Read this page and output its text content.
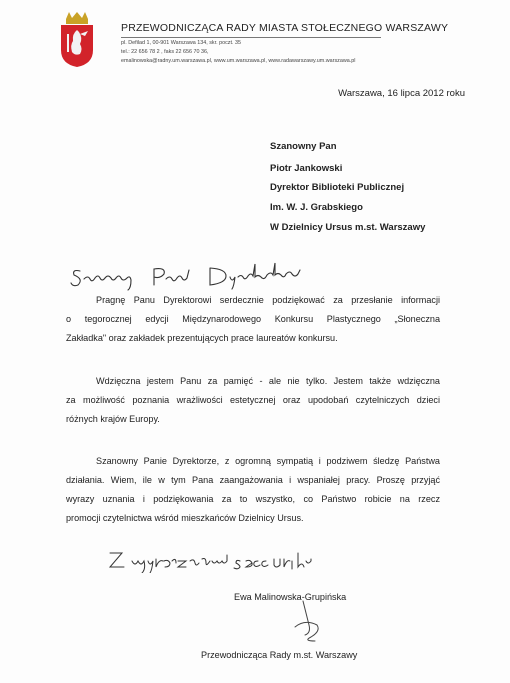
PRZEWODNICZĄCA RADY MIASTA STOŁECZNEGO WARSZAWY
pl. Defilad 1, 00-901 Warszawa 134, skr. poczt. 35
tel.: 22 656 78 2 , faks 22 656 70 36,
emalinowska@radny.um.warszawa.pl, www.um.warszawa.pl, www.radawarszawy.um.warszawa.pl
Warszawa, 16 lipca 2012 roku
Szanowny Pan
Piotr Jankowski
Dyrektor Biblioteki Publicznej
Im. W. J. Grabskiego
W Dzielnicy Ursus m.st. Warszawy
Pragnę Panu Dyrektorowi serdecznie podziękować za przesłanie informacji
o tegorocznej edycji Międzynarodowego Konkursu Plastycznego „Słoneczna
Zakładka" oraz zakładek prezentujących prace laureatów konkursu.
Wdzięczna jestem Panu za pamięć - ale nie tylko. Jestem także wdzięczna
za możliwość poznania wrażliwości estetycznej oraz upodobań czytelniczych dzieci
różnych krajów Europy.
Szanowny Panie Dyrektorze, z ogromną sympatią i podziwem śledzę Państwa
działania. Wiem, ile w tym Pana zaangażowania i wspaniałej pracy. Proszę przyjąć
wyrazy uznania i podziękowania za to wszystko, co Państwo robicie na rzecz
promocji czytelnictwa wśród mieszkańców Dzielnicy Ursus.
Ewa Malinowska-Grupińska
Przewodnicząca Rady m.st. Warszawy
